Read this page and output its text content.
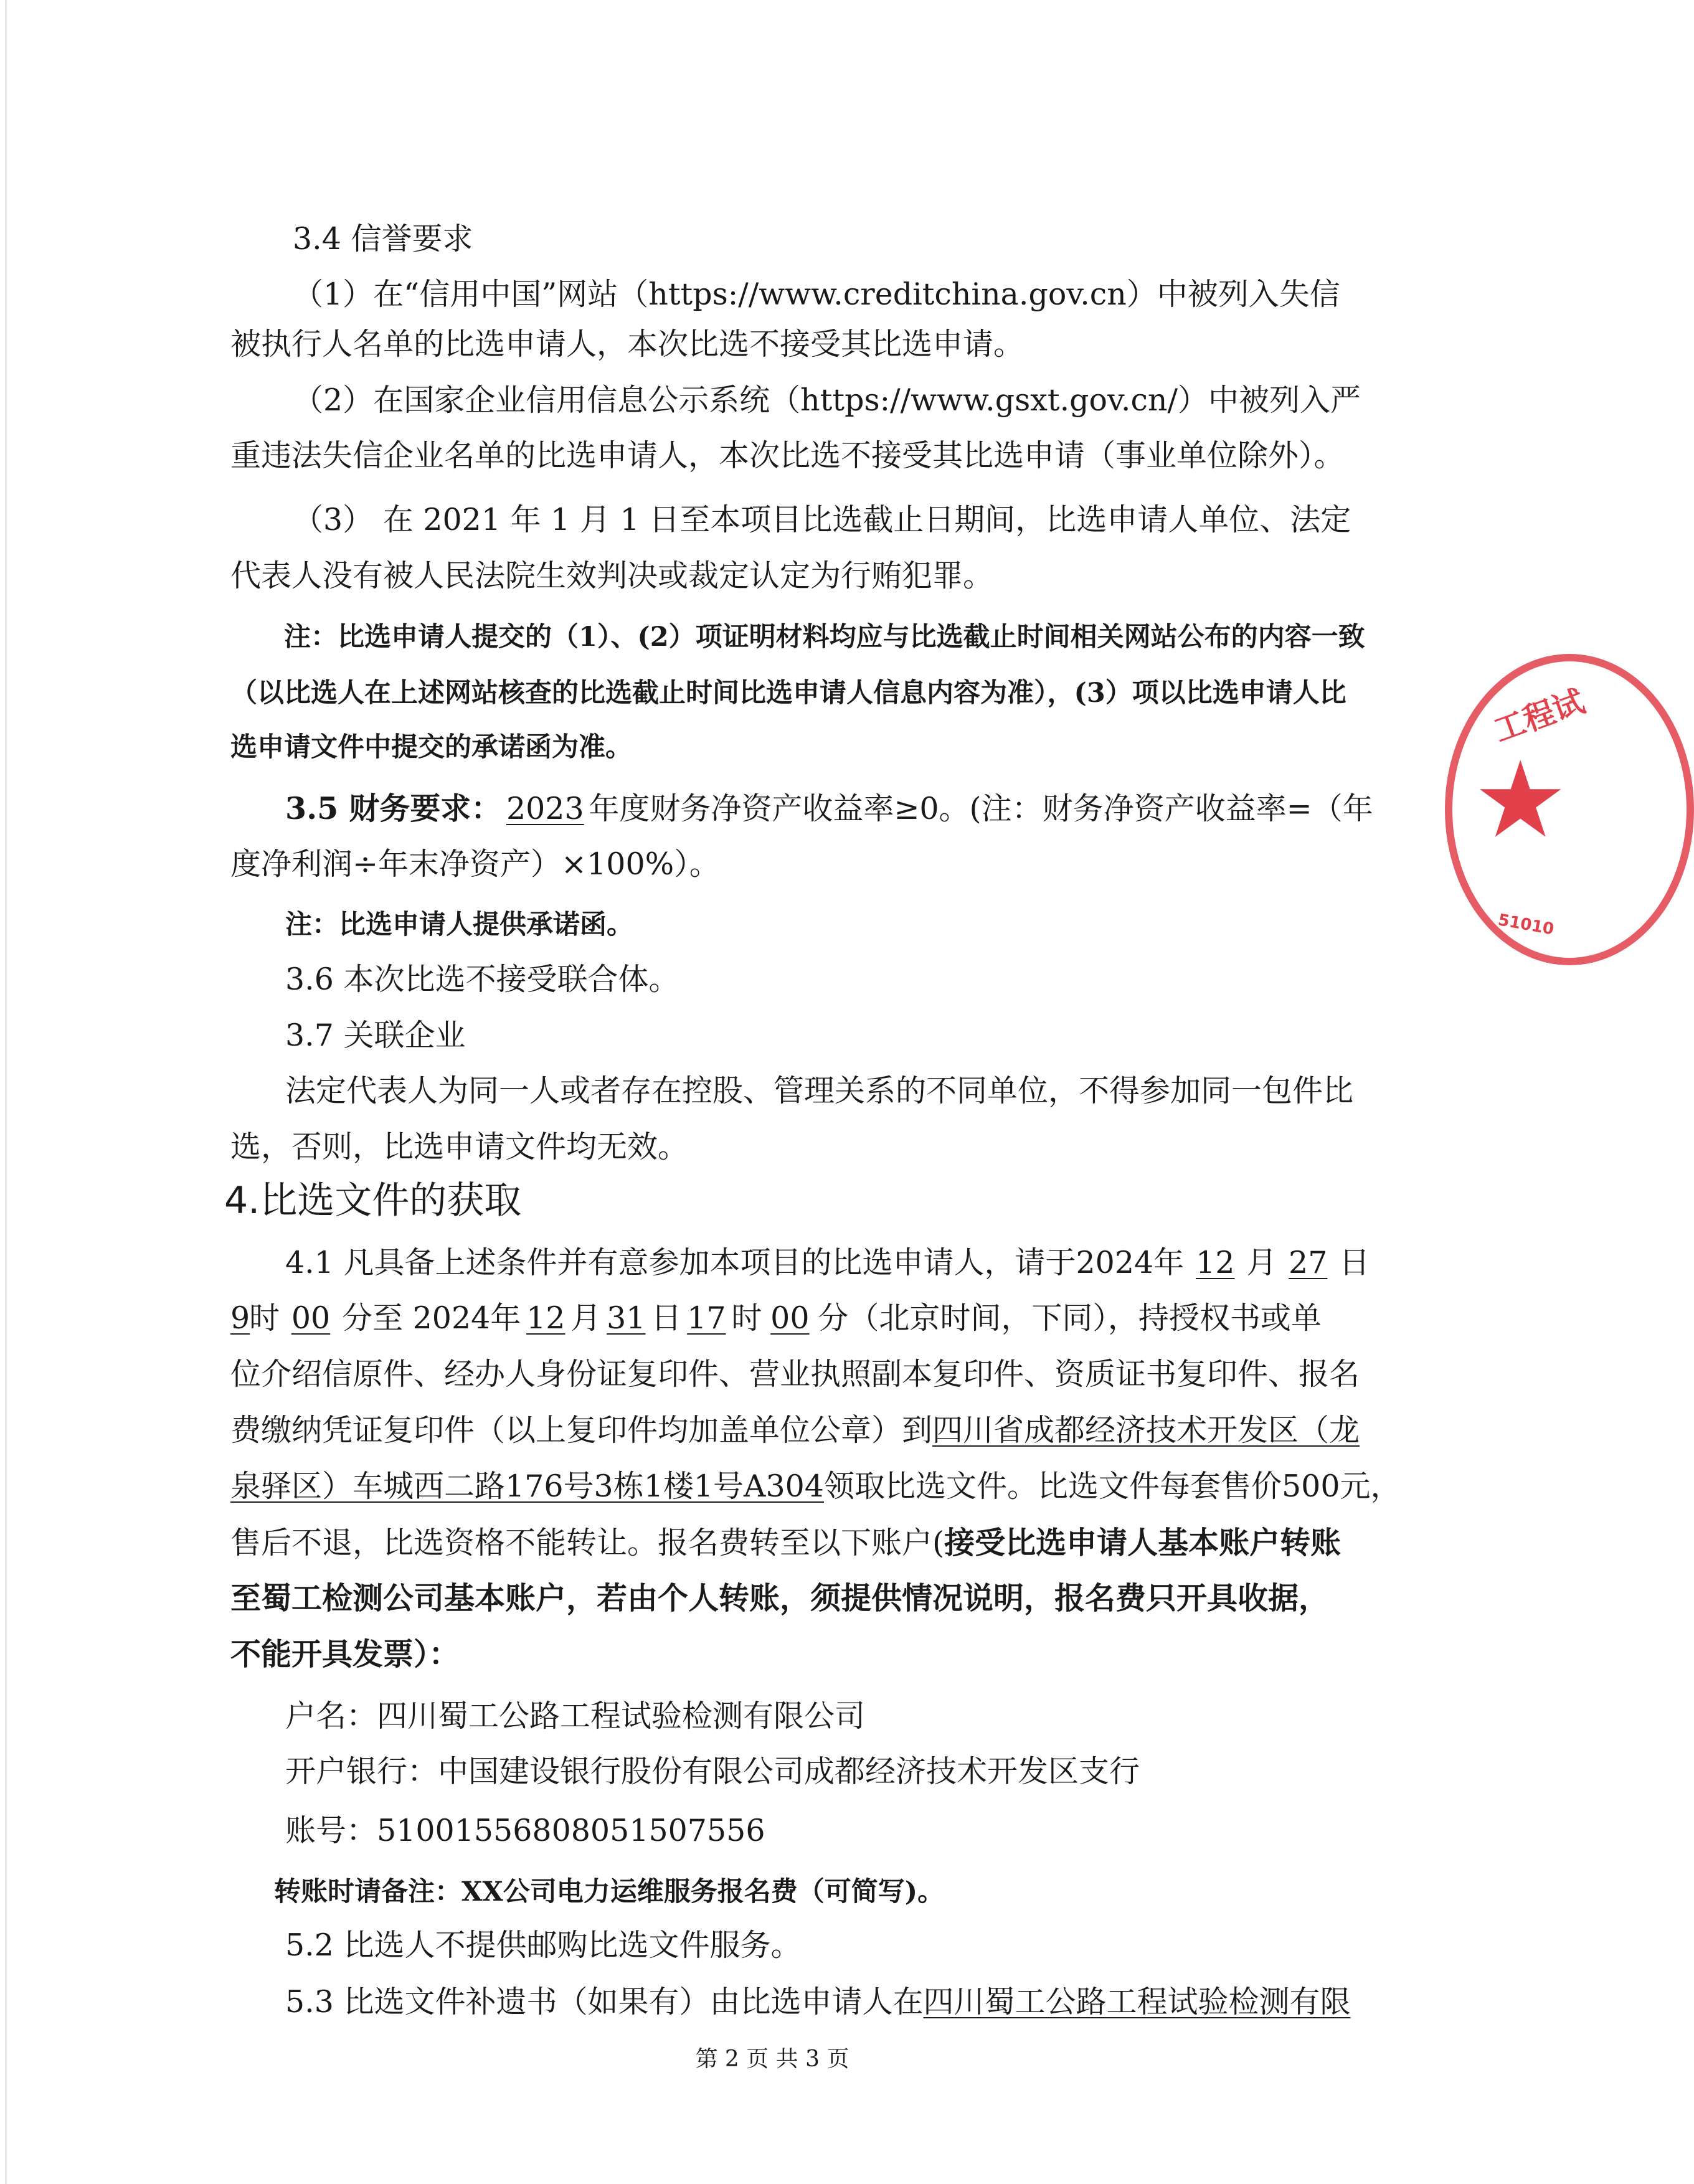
3.4 信誉要求
（1）在“信用中国”网站（https://www.creditchina.gov.cn）中被列入失信
被执行人名单的比选申请人，本次比选不接受其比选申请。
（2）在国家企业信用信息公示系统（https://www.gsxt.gov.cn/）中被列入严
重违法失信企业名单的比选申请人，本次比选不接受其比选申请（事业单位除外）。
（3） 在 2021 年 1 月 1 日至本项目比选截止日期间，比选申请人单位、法定
代表人没有被人民法院生效判决或裁定认定为行贿犯罪。
注：比选申请人提交的（1）、(2）项证明材料均应与比选截止时间相关网站公布的内容一致
（以比选人在上述网站核查的比选截止时间比选申请人信息内容为准），(3）项以比选申请人比
选申请文件中提交的承诺函为准。
3.5 财务要求： 2023 年度财务净资产收益率≥0。(注：财务净资产收益率=（年
度净利润÷年末净资产）×100%）。
注：比选申请人提供承诺函。
3.6 本次比选不接受联合体。
3.7 关联企业
法定代表人为同一人或者存在控股、管理关系的不同单位，不得参加同一包件比
选，否则，比选申请文件均无效。
4.比选文件的获取
4.1 凡具备上述条件并有意参加本项目的比选申请人，请于2024年 12 月 27 日
9时 00 分至 2024年 12 月 31 日 17 时 00 分（北京时间，下同），持授权书或单
位介绍信原件、经办人身份证复印件、营业执照副本复印件、资质证书复印件、报名
费缴纳凭证复印件（以上复印件均加盖单位公章）到四川省成都经济技术开发区（龙
泉驿区）车城西二路176号3栋1楼1号A304领取比选文件。比选文件每套售价500元，
售后不退，比选资格不能转让。报名费转至以下账户(接受比选申请人基本账户转账
至蜀工检测公司基本账户，若由个人转账，须提供情况说明，报名费只开具收据，
不能开具发票）：
户名：四川蜀工公路工程试验检测有限公司
开户银行：中国建设银行股份有限公司成都经济技术开发区支行
账号：51001556808051507556
转账时请备注：XX公司电力运维服务报名费（可简写)。
5.2 比选人不提供邮购比选文件服务。
5.3 比选文件补遗书（如果有）由比选申请人在四川蜀工公路工程试验检测有限
第 2 页 共 3 页
工程试
★
51010
